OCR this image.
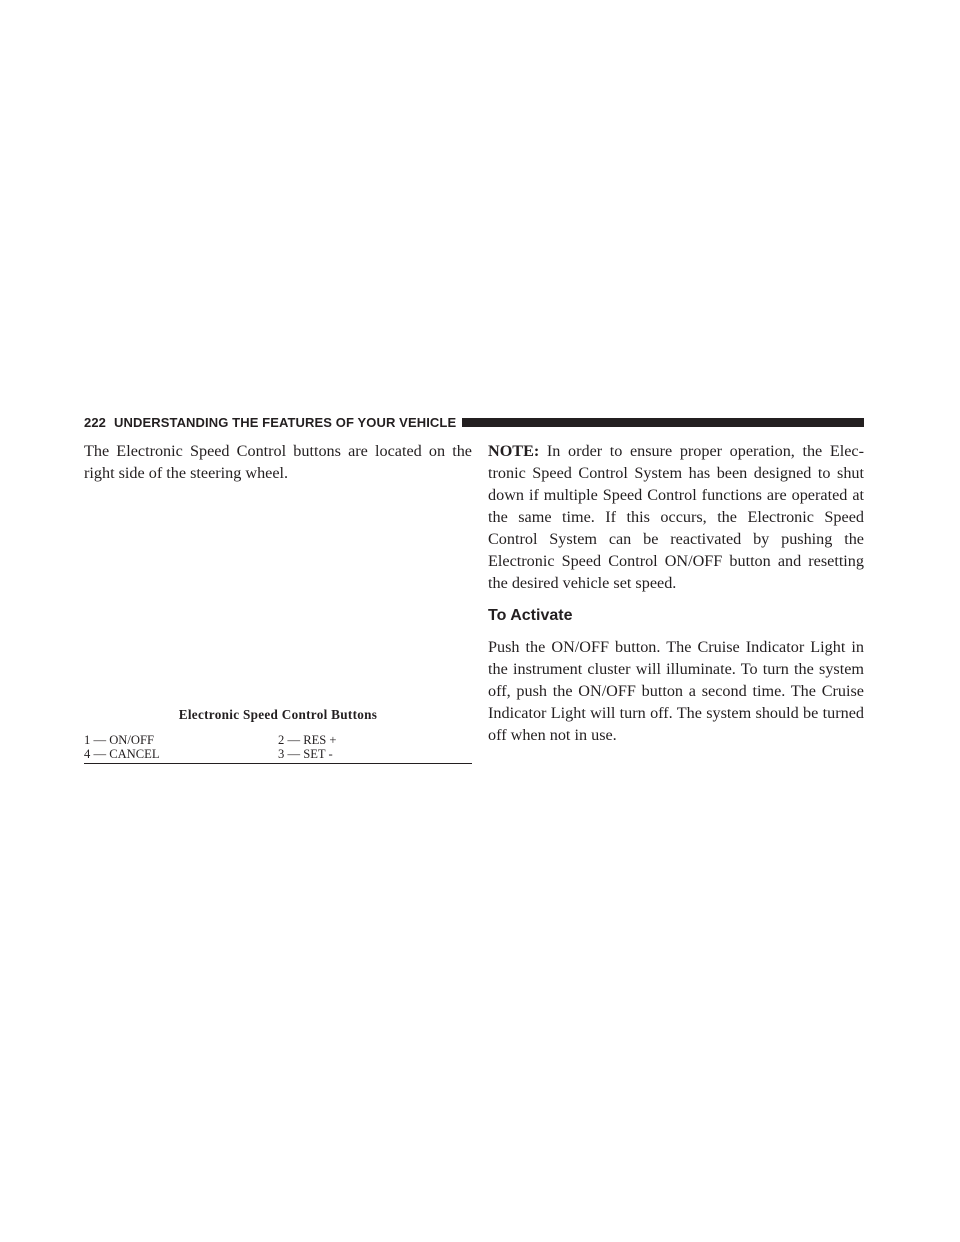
222 UNDERSTANDING THE FEATURES OF YOUR VEHICLE

The Electronic Speed Control buttons are located on the right side of the steering wheel.

Electronic Speed Control Buttons
1 — ON/OFF	2 — RES +
4 — CANCEL	3 — SET -

NOTE: In order to ensure proper operation, the Elec-tronic Speed Control System has been designed to shut down if multiple Speed Control functions are operated at the same time. If this occurs, the Electronic Speed Control System can be reactivated by pushing the Electronic Speed Control ON/OFF button and resetting the desired vehicle set speed.

To Activate

Push the ON/OFF button. The Cruise Indicator Light in the instrument cluster will illuminate. To turn the system off, push the ON/OFF button a second time. The Cruise Indicator Light will turn off. The system should be turned off when not in use.
